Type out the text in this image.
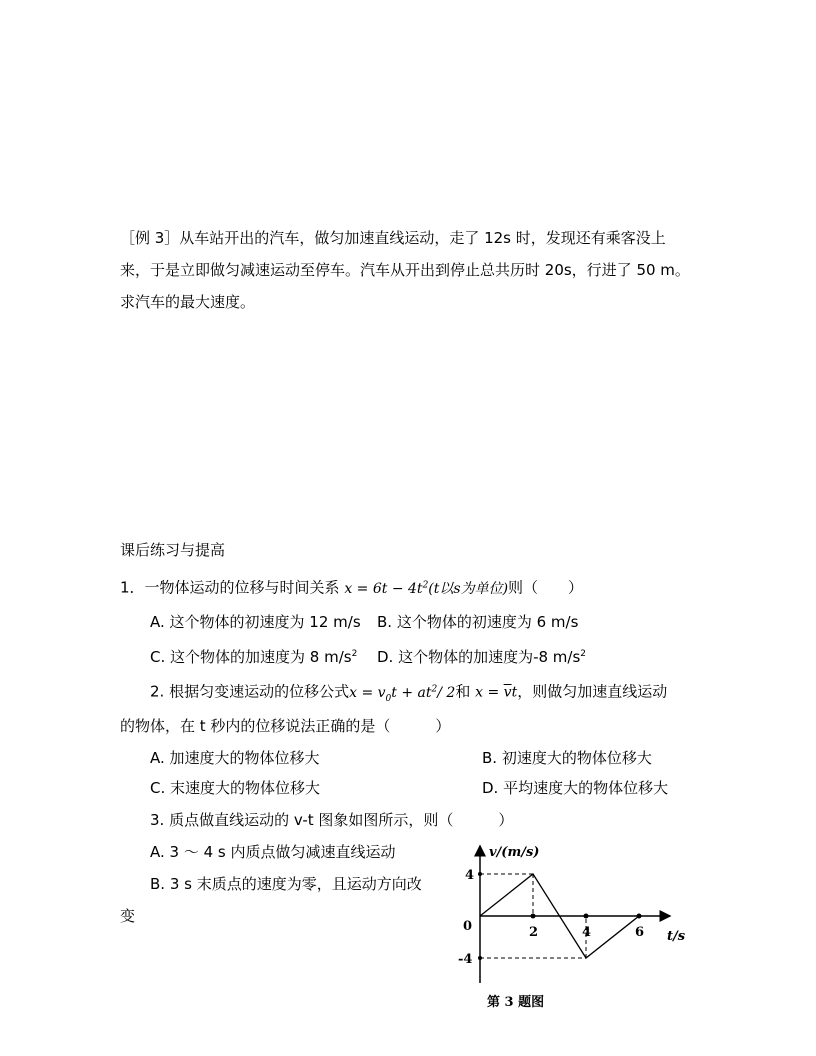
［例 3］从车站开出的汽车，做匀加速直线运动，走了 12s 时，发现还有乘客没上
来，于是立即做匀减速运动至停车。汽车从开出到停止总共历时 20s，行进了 50 m。
求汽车的最大速度。
课后练习与提高
1．一物体运动的位移与时间关系 $x = 6t - 4t^2(t$以s为单位)则（　　）
A. 这个物体的初速度为 12 m/s B. 这个物体的初速度为 6 m/s
C. 这个物体的加速度为 8 $m/s^2$ D. 这个物体的加速度为-8 $m/s^2$
2. 根据匀变速运动的位移公式$x = v_0t + at^2/$ 2和 $x = \overline{v}t$，则做匀加速直线运动
的物体，在 t 秒内的位移说法正确的是（　　　）
A. 加速度大的物体位移大	B. 初速度大的物体位移大
C. 末速度大的物体位移大	D. 平均速度大的物体位移大
3. 质点做直线运动的 v-t 图象如图所示，则（　　　）
A. 3 ～ 4 s 内质点做匀减速直线运动
B. 3 s 末质点的速度为零，且运动方向改
变
v/(m/s)
t/s
0
4
-4
2	4	6
第 3 题图
